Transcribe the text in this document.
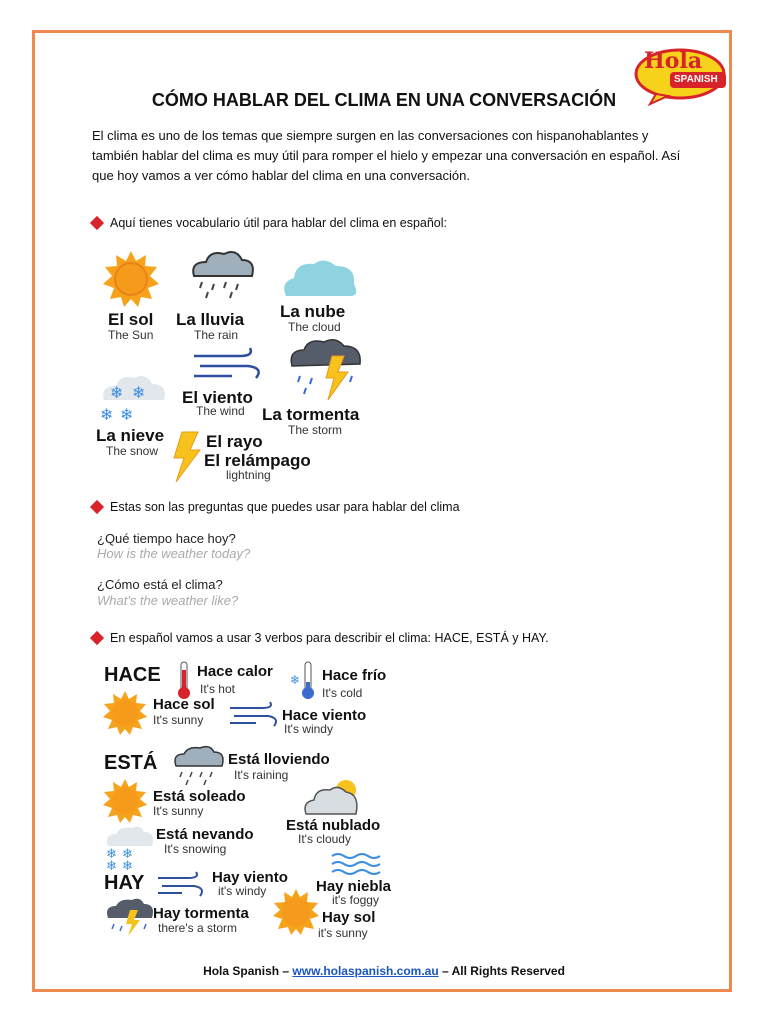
Hola
SPANISH
CÓMO HABLAR DEL CLIMA EN UNA CONVERSACIÓN
El clima es uno de los temas que siempre surgen en las conversaciones con hispanohablantes y también hablar del clima es muy útil para romper el hielo y empezar una conversación en español. Así que hoy vamos a ver cómo hablar del clima en una conversación.
Aquí tienes vocabulario útil para hablar del clima en español:
El sol
The Sun
La lluvia
The rain
La nube
The cloud
El viento
The wind La tormenta
The storm
❄ ❄
❄ ❄
La nieve
The snow	El rayo
El relámpago
lightning
Estas son las preguntas que puedes usar para hablar del clima
¿Qué tiempo hace hoy?
How is the weather today?
¿Cómo está el clima?
What's the weather like?
En español vamos a usar 3 verbos para describir el clima: HACE, ESTÁ y HAY.
HACE Hace calor
It's hot
❄ Hace frío
It's cold
Hace sol
It's sunny	Hace viento
It's windy
ESTÁ	Está lloviendo
It's raining
Está soleado
It's sunny
Está nublado
It's cloudy
❄ ❄
❄ ❄
Está nevando
It's snowing
HAY	Hay viento
it's windy	Hay niebla
it's foggy
Hay tormenta
there's a storm
Hay sol
it's sunny
Hola Spanish – www.holaspanish.com.au – All Rights Reserved
